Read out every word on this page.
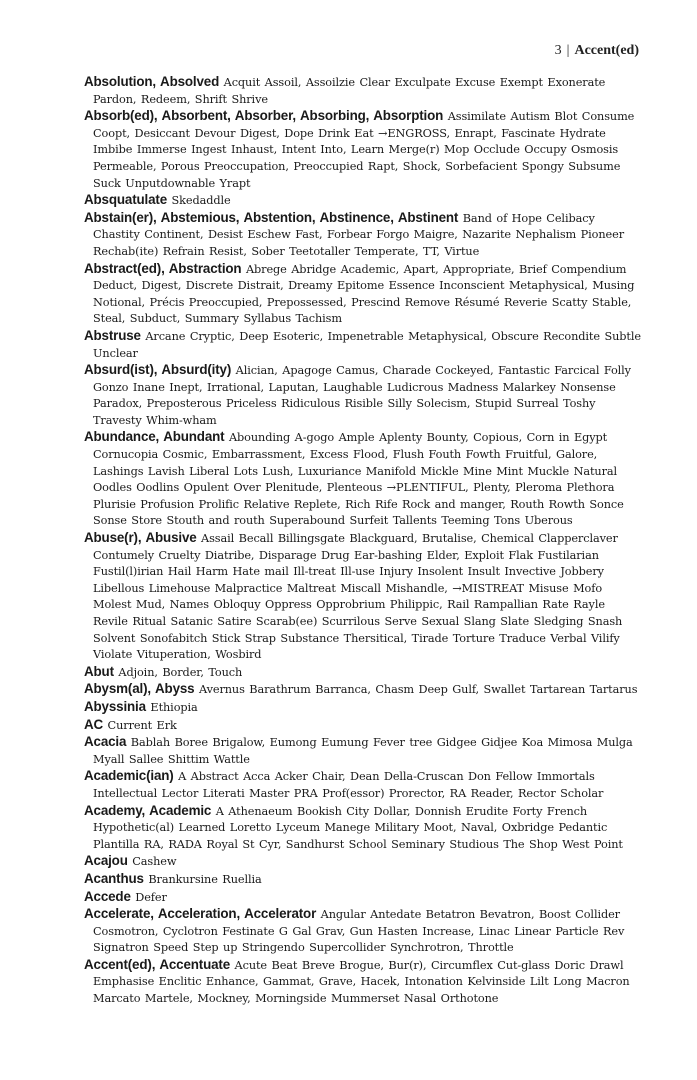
3 | Accent(ed)

Absolution, Absolved Acquit Assoil, Assoilzie Clear Exculpate Excuse Exempt Exonerate Pardon, Redeem, Shrift Shrive

Absorb(ed), Absorbent, Absorber, Absorbing, Absorption Assimilate Autism Blot Consume Coopt, Desiccant Devour Digest, Dope Drink Eat →ENGROSS, Enrapt, Fascinate Hydrate Imbibe Immerse Ingest Inhaust, Intent Into, Learn Merge(r) Mop Occlude Occupy Osmosis Permeable, Porous Preoccupation, Preoccupied Rapt, Shock, Sorbefacient Spongy Subsume Suck Unputdownable Yrapt

Absquatulate Skedaddle

Abstain(er), Abstemious, Abstention, Abstinence, Abstinent Band of Hope Celibacy Chastity Continent, Desist Eschew Fast, Forbear Forgo Maigre, Nazarite Nephalism Pioneer Rechab(ite) Refrain Resist, Sober Teetotaller Temperate, TT, Virtue

Abstract(ed), Abstraction Abrege Abridge Academic, Apart, Appropriate, Brief Compendium Deduct, Digest, Discrete Distrait, Dreamy Epitome Essence Inconscient Metaphysical, Musing Notional, Précis Preoccupied, Prepossessed, Prescind Remove Résumé Reverie Scatty Stable, Steal, Subduct, Summary Syllabus Tachism

Abstruse Arcane Cryptic, Deep Esoteric, Impenetrable Metaphysical, Obscure Recondite Subtle Unclear

Absurd(ist), Absurd(ity) Alician, Apagoge Camus, Charade Cockeyed, Fantastic Farcical Folly Gonzo Inane Inept, Irrational, Laputan, Laughable Ludicrous Madness Malarkey Nonsense Paradox, Preposterous Priceless Ridiculous Risible Silly Solecism, Stupid Surreal Toshy Travesty Whim-wham

Abundance, Abundant Abounding A-gogo Ample Aplenty Bounty, Copious, Corn in Egypt Cornucopia Cosmic, Embarrassment, Excess Flood, Flush Fouth Fowth Fruitful, Galore, Lashings Lavish Liberal Lots Lush, Luxuriance Manifold Mickle Mine Mint Muckle Natural Oodles Oodlins Opulent Over Plenitude, Plenteous →PLENTIFUL, Plenty, Pleroma Plethora Plurisie Profusion Prolific Relative Replete, Rich Rife Rock and manger, Routh Rowth Sonce Sonse Store Stouth and routh Superabound Surfeit Tallents Teeming Tons Uberous

Abuse(r), Abusive Assail Becall Billingsgate Blackguard, Brutalise, Chemical Clapperclaver Contumely Cruelty Diatribe, Disparage Drug Ear-bashing Elder, Exploit Flak Fustilarian Fustil(l)irian Hail Harm Hate mail Ill-treat Ill-use Injury Insolent Insult Invective Jobbery Libellous Limehouse Malpractice Maltreat Miscall Mishandle, →MISTREAT Misuse Mofo Molest Mud, Names Obloquy Oppress Opprobrium Philippic, Rail Rampallian Rate Rayle Revile Ritual Satanic Satire Scarab(ee) Scurrilous Serve Sexual Slang Slate Sledging Snash Solvent Sonofabitch Stick Strap Substance Thersitical, Tirade Torture Traduce Verbal Vilify Violate Vituperation, Wosbird

Abut Adjoin, Border, Touch

Abysm(al), Abyss Avernus Barathrum Barranca, Chasm Deep Gulf, Swallet Tartarean Tartarus

Abyssinia Ethiopia

AC Current Erk

Acacia Bablah Boree Brigalow, Eumong Eumung Fever tree Gidgee Gidjee Koa Mimosa Mulga Myall Sallee Shittim Wattle

Academic(ian) A Abstract Acca Acker Chair, Dean Della-Cruscan Don Fellow Immortals Intellectual Lector Literati Master PRA Prof(essor) Prorector, RA Reader, Rector Scholar

Academy, Academic A Athenaeum Bookish City Dollar, Donnish Erudite Forty French Hypothetic(al) Learned Loretto Lyceum Manege Military Moot, Naval, Oxbridge Pedantic Plantilla RA, RADA Royal St Cyr, Sandhurst School Seminary Studious The Shop West Point

Acajou Cashew

Acanthus Brankursine Ruellia

Accede Defer

Accelerate, Acceleration, Accelerator Angular Antedate Betatron Bevatron, Boost Collider Cosmotron, Cyclotron Festinate G Gal Grav, Gun Hasten Increase, Linac Linear Particle Rev Signatron Speed Step up Stringendo Supercollider Synchrotron, Throttle

Accent(ed), Accentuate Acute Beat Breve Brogue, Bur(r), Circumflex Cut-glass Doric Drawl Emphasise Enclitic Enhance, Gammat, Grave, Hacek, Intonation Kelvinside Lilt Long Macron Marcato Martele, Mockney, Morningside Mummerset Nasal Orthotone
